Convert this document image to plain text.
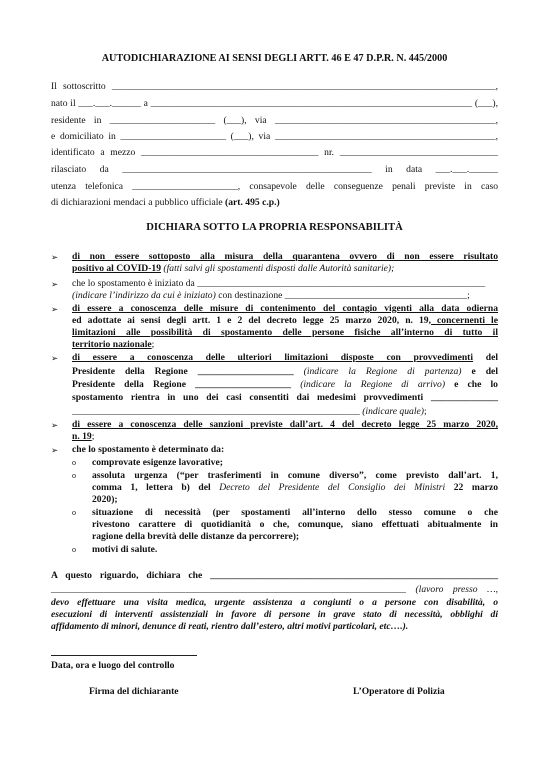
AUTODICHIARAZIONE AI SENSI DEGLI ARTT. 46 E 47 D.P.R. N. 445/2000
Il sottoscritto ________________________________________________________________________________,
nato il ___.___.______ a ___________________________________________________________________ (___),
residente in ______________________ (___), via ______________________________________________,
e domiciliato in ______________________ (___), via ______________________________________________,
identificato a mezzo _____________________________________ nr. _________________________________
rilasciato da ____________________________________________________ in data ___.___.______
utenza telefonica ______________________, consapevole delle conseguenze penali previste in caso
di dichiarazioni mendaci a pubblico ufficiale (art. 495 c.p.)
DICHIARA SOTTO LA PROPRIA RESPONSABILITÀ
➢ di non essere sottoposto alla misura della quarantena ovvero di non essere risultato
positivo al COVID-19 (fatti salvi gli spostamenti disposti dalle Autorità sanitarie);
➢ che lo spostamento è iniziato da ____________________________________________________________
(indicare l’indirizzo da cui è iniziato) con destinazione ______________________________________;
➢ di essere a conoscenza delle misure di contenimento del contagio vigenti alla data odierna
ed adottate ai sensi degli artt. 1 e 2 del decreto legge 25 marzo 2020, n. 19, concernenti le
limitazioni alle possibilità di spostamento delle persone fisiche all’interno di tutto il
territorio nazionale;
➢ di essere a conoscenza delle ulteriori limitazioni disposte con provvedimenti del
Presidente della Regione ____________________ (indicare la Regione di partenza) e del
Presidente della Regione ____________________ (indicare la Regione di arrivo) e che lo
spostamento rientra in uno dei casi consentiti dai medesimi provvedimenti ______________
____________________________________________________________ (indicare quale);
➢ di essere a conoscenza delle sanzioni previste dall’art. 4 del decreto legge 25 marzo 2020,
n. 19;
➢ che lo spostamento è determinato da:
o comprovate esigenze lavorative;
o assoluta urgenza (“per trasferimenti in comune diverso”, come previsto dall’art. 1,
comma 1, lettera b) del Decreto del Presidente del Consiglio dei Ministri 22 marzo
2020);
o situazione di necessità (per spostamenti all’interno dello stesso comune o che
rivestono carattere di quotidianità o che, comunque, siano effettuati abitualmente in
ragione della brevità delle distanze da percorrere);
o motivi di salute.
A questo riguardo, dichiara che ____________________________________________________________
__________________________________________________________________________ (lavoro presso …,
devo effettuare una visita medica, urgente assistenza a congiunti o a persone con disabilità, o
esecuzioni di interventi assistenziali in favore di persone in grave stato di necessità, obblighi di
affidamento di minori, denunce di reati, rientro dall’estero, altri motivi particolari, etc….).
Data, ora e luogo del controllo
Firma del dichiarante	L’Operatore di Polizia
